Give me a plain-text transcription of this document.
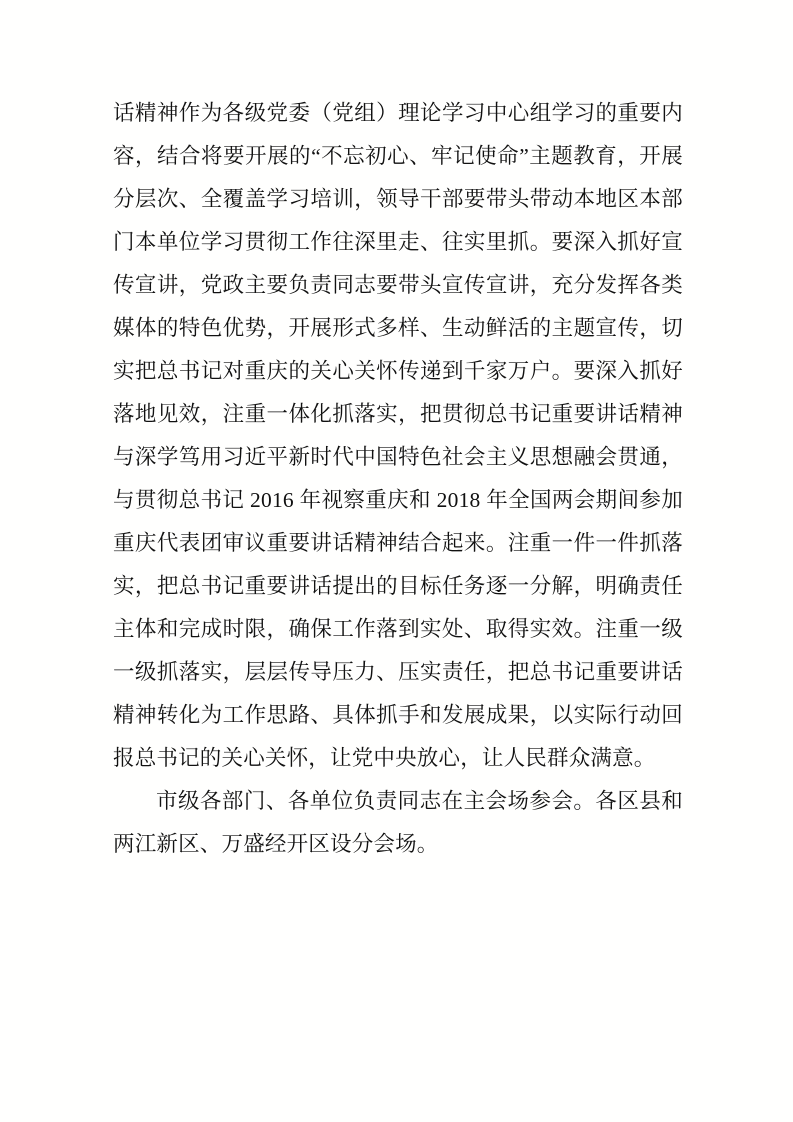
话精神作为各级党委（党组）理论学习中心组学习的重要内容，结合将要开展的“不忘初心、牢记使命”主题教育，开展分层次、全覆盖学习培训，领导干部要带头带动本地区本部门本单位学习贯彻工作往深里走、往实里抓。要深入抓好宣传宣讲，党政主要负责同志要带头宣传宣讲，充分发挥各类媒体的特色优势，开展形式多样、生动鲜活的主题宣传，切实把总书记对重庆的关心关怀传递到千家万户。要深入抓好落地见效，注重一体化抓落实，把贯彻总书记重要讲话精神与深学笃用习近平新时代中国特色社会主义思想融会贯通，与贯彻总书记 2016 年视察重庆和 2018 年全国两会期间参加重庆代表团审议重要讲话精神结合起来。注重一件一件抓落实，把总书记重要讲话提出的目标任务逐一分解，明确责任主体和完成时限，确保工作落到实处、取得实效。注重一级一级抓落实，层层传导压力、压实责任，把总书记重要讲话精神转化为工作思路、具体抓手和发展成果，以实际行动回报总书记的关心关怀，让党中央放心，让人民群众满意。

市级各部门、各单位负责同志在主会场参会。各区县和两江新区、万盛经开区设分会场。
